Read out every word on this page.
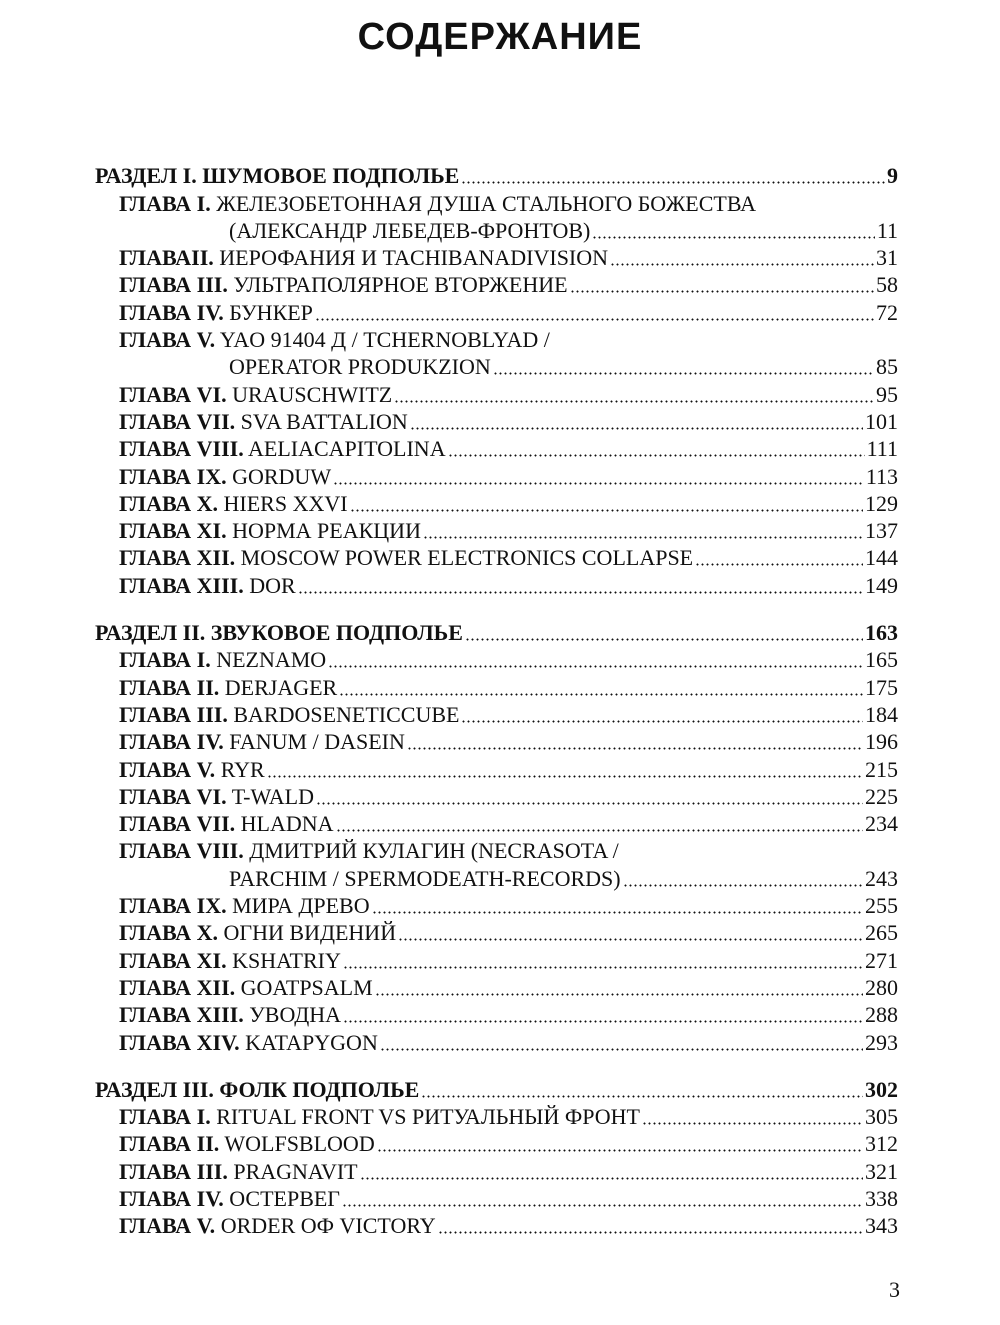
СОДЕРЖАНИЕ
РАЗДЕЛ I. ШУМОВОЕ ПОДПОЛЬЕ	9
ГЛАВА I. ЖЕЛЕЗОБЕТОННАЯ ДУША СТАЛЬНОГО БОЖЕСТВА
(АЛЕКСАНДР ЛЕБЕДЕВ-ФРОНТОВ)	11
ГЛАВАII. ИЕРОФАНИЯ И TACHIBANADIVISION	31
ГЛАВА III. УЛЬТРАПОЛЯРНОЕ ВТОРЖЕНИЕ	58
ГЛАВА IV. БУНКЕР	72
ГЛАВА V. YAO 91404 Д / TCHERNOBLYAD /
OPERATOR PRODUKZION	85
ГЛАВА VI. URAUSCHWITZ	95
ГЛАВА VII. SVA BATTALION	101
ГЛАВА VIII. AELIACAPITOLINA	111
ГЛАВА IX. GORDUW	113
ГЛАВА X. HIERS XXVI	129
ГЛАВА XI. НОРМА РЕАКЦИИ	137
ГЛАВА XII. MOSCOW POWER ELECTRONICS COLLAPSE	144
ГЛАВА XIII. DOR	149
РАЗДЕЛ II. ЗВУКОВОЕ ПОДПОЛЬЕ	163
ГЛАВА I. NEZNAMO	165
ГЛАВА II. DERJAGER	175
ГЛАВА III. BARDOSENETICCUBE	184
ГЛАВА IV. FANUM / DASEIN	196
ГЛАВА V. RYR	215
ГЛАВА VI. T-WALD	225
ГЛАВА VII. HLADNA	234
ГЛАВА VIII. ДМИТРИЙ КУЛАГИН (NECRASOTA /
PARCHIM / SPERMODEATH-RECORDS)	243
ГЛАВА IX. МИРА ДРЕВО	255
ГЛАВА X. ОГНИ ВИДЕНИЙ	265
ГЛАВА XI. KSHATRIY	271
ГЛАВА XII. GOATPSALM	280
ГЛАВА XIII. УВОДНА	288
ГЛАВА XIV. KATAPYGON	293
РАЗДЕЛ III. ФОЛК ПОДПОЛЬЕ	302
ГЛАВА I. RITUAL FRONT VS РИТУАЛЬНЫЙ ФРОНТ	305
ГЛАВА II. WOLFSBLOOD	312
ГЛАВА III. PRAGNAVIT	321
ГЛАВА IV. ОСТЕРВЕГ	338
ГЛАВА V. ORDER OФ VICTORY	343
3
